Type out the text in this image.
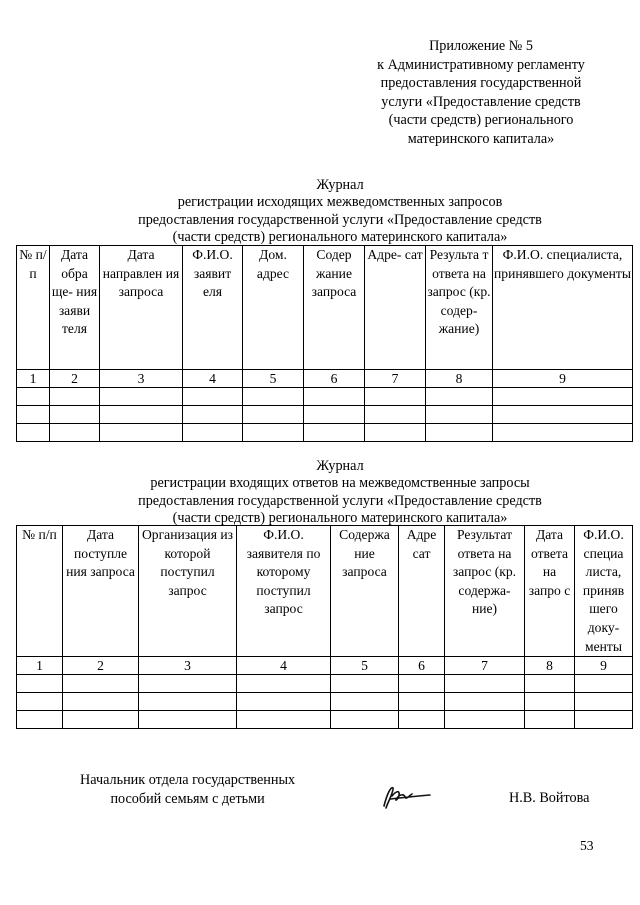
Приложение № 5
к Административному регламенту
предоставления государственной
услуги «Предоставление средств
(части средств) регионального
материнского капитала»
Журнал
регистрации исходящих межведомственных запросов
предоставления государственной услуги «Предоставление средств
(части средств) регионального материнского капитала»
№ п/п	Дата обра ще- ния заяви теля	Дата направлен ия запроса	Ф.И.О. заявит еля	Дом. адрес	Содер жание запроса	Адре- сат	Результа т ответа на запрос (кр. содер- жание)	Ф.И.О. специалиста, принявшего документы
1	2	3	4	5	6	7	8	9

Журнал
регистрации входящих ответов на межведомственные запросы
предоставления государственной услуги «Предоставление средств
(части средств) регионального материнского капитала»
№ п/п	Дата поступле ния запроса	Организация из которой поступил запрос	Ф.И.О. заявителя по которому поступил запрос	Содержа ние запроса	Адре сат	Результат ответа на запрос (кр. содержа- ние)	Дата ответа на запро с	Ф.И.О. специа листа, приняв шего доку- менты
1	2	3	4	5	6	7	8	9

Начальник отдела государственных
пособий семьям с детьми	Н.В. Войтова
53
